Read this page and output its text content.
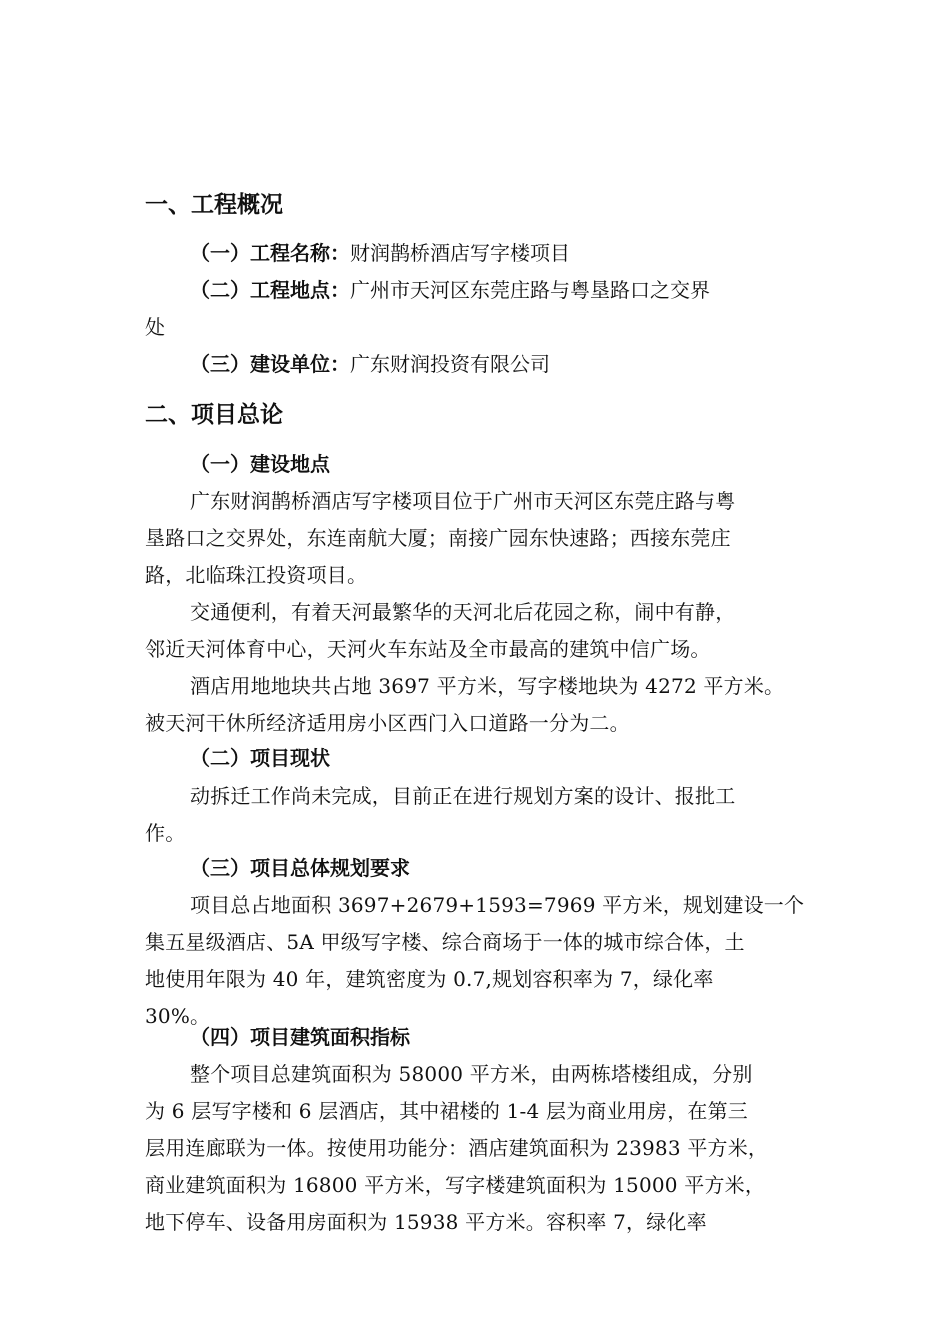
一、工程概况
（一）工程名称：财润鹊桥酒店写字楼项目
（二）工程地点：广州市天河区东莞庄路与粤垦路口之交界
处
（三）建设单位：广东财润投资有限公司
二、项目总论
（一）建设地点
广东财润鹊桥酒店写字楼项目位于广州市天河区东莞庄路与粤
垦路口之交界处，东连南航大厦；南接广园东快速路；西接东莞庄
路，北临珠江投资项目。
交通便利，有着天河最繁华的天河北后花园之称，闹中有静，
邻近天河体育中心，天河火车东站及全市最高的建筑中信广场。
酒店用地地块共占地 3697 平方米，写字楼地块为 4272 平方米。
被天河干休所经济适用房小区西门入口道路一分为二。
（二）项目现状
动拆迁工作尚未完成，目前正在进行规划方案的设计、报批工
作。
（三）项目总体规划要求
项目总占地面积 3697+2679+1593=7969 平方米，规划建设一个
集五星级酒店、5A 甲级写字楼、综合商场于一体的城市综合体，土
地使用年限为 40 年，建筑密度为 0.7,规划容积率为 7，绿化率
30%。
（四）项目建筑面积指标
整个项目总建筑面积为 58000 平方米，由两栋塔楼组成，分别
为 6 层写字楼和 6 层酒店，其中裙楼的 1-4 层为商业用房，在第三
层用连廊联为一体。按使用功能分：酒店建筑面积为 23983 平方米，
商业建筑面积为 16800 平方米，写字楼建筑面积为 15000 平方米，
地下停车、设备用房面积为 15938 平方米。容积率 7，绿化率
